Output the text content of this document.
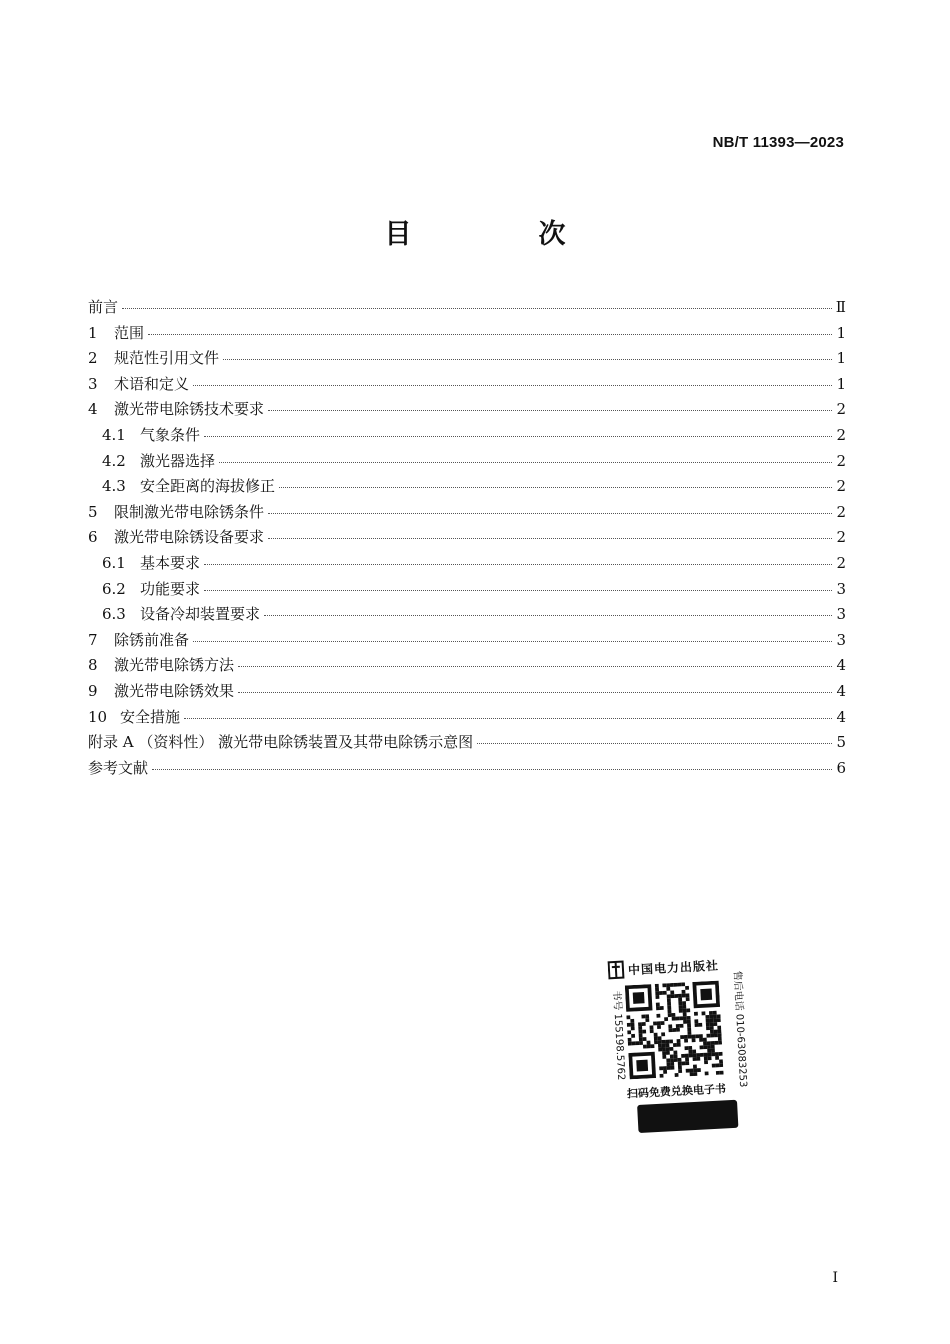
NB/T 11393—2023
目　次
前言	Ⅱ
1	范围	1
2	规范性引用文件	1
3	术语和定义	1
4	激光带电除锈技术要求	2
4.1 气象条件	2
4.2 激光器选择	2
4.3 安全距离的海拔修正	2
5	限制激光带电除锈条件	2
6	激光带电除锈设备要求	2
6.1 基本要求	2
6.2 功能要求	3
6.3 设备冷却装置要求	3
7	除锈前准备	3
8	激光带电除锈方法	4
9	激光带电除锈效果	4
10 安全措施	4
附录 A （资料性） 激光带电除锈装置及其带电除锈示意图	5
参考文献	6
中国电力出版社
书号 155198.5762	售后电话 010-63083253
扫码免费兑换电子书
I
